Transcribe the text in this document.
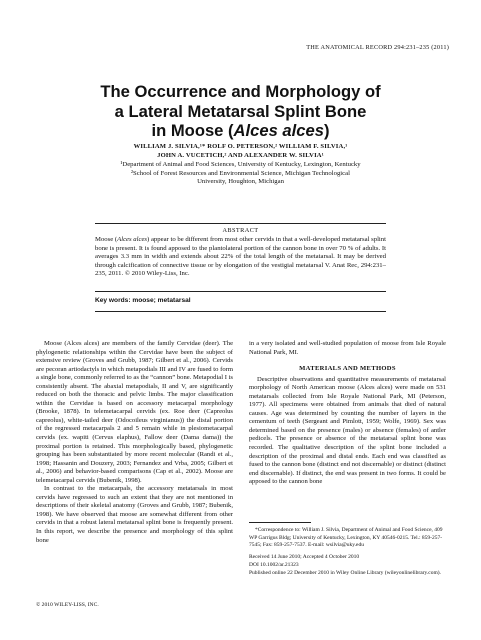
THE ANATOMICAL RECORD 294:231–235 (2011)
The Occurrence and Morphology of
a Lateral Metatarsal Splint Bone
in Moose (Alces alces)
WILLIAM J. SILVIA,¹* ROLF O. PETERSON,² WILLIAM F. SILVIA,¹
JOHN A. VUCETICH,² AND ALEXANDER W. SILVIA¹
¹Department of Animal and Food Sciences, University of Kentucky, Lexington, Kentucky
²School of Forest Resources and Environmental Science, Michigan Technological
University, Houghton, Michigan
ABSTRACT
Moose (Alces alces) appear to be different from most other cervids in that a well-developed metatarsal splint bone is present. It is found apposed to the plantolateral portion of the cannon bone in over 70 % of adults. It averages 3.3 mm in width and extends about 22% of the total length of the metatarsal. It may be derived through calcification of connective tissue or by elongation of the vestigial metatarsal V. Anat Rec, 294:231–235, 2011. © 2010 Wiley-Liss, Inc.
Key words: moose; metatarsal

Moose (Alces alces) are members of the family Cervidae (deer). The phylogenetic relationships within the Cervidae have been the subject of extensive review (Groves and Grubb, 1987; Gilbert et al., 2006). Cervids are pecoran artiodactyls in which metapodials III and IV are fused to form a single bone, commonly referred to as the “cannon” bone. Metapodial I is consistently absent. The abaxial metapodials, II and V, are significantly reduced on both the thoracic and pelvic limbs. The major classification within the Cervidae is based on accessory metacarpal morphology (Brooke, 1878). In telemetacarpal cervids (ex. Roe deer (Capreolus capreolus), white-tailed deer (Odocoileus virginianus)) the distal portion of the regressed metacarpals 2 and 5 remain while in plesiometacarpal cervids (ex. wapiti (Cervus elaphus), Fallow deer (Dama dama)) the proximal portion is retained. This morphologically based, phylogenetic grouping has been substantiated by more recent molecular (Randi et al., 1998; Hassanin and Douzery, 2003; Fernandez and Vrba, 2005; Gilbert et al., 2006) and behavior-based comparisons (Cap et al., 2002). Moose are telemetacarpal cervids (Bubenik, 1998).

In contrast to the metacarpals, the accessory metatarsals in most cervids have regressed to such an extent that they are not mentioned in descriptions of their skeletal anatomy (Groves and Grubb, 1987; Bubenik, 1998). We have observed that moose are somewhat different from other cervids in that a robust lateral metatarsal splint bone is frequently present. In this report, we describe the presence and morphology of this splint bone

in a very isolated and well-studied population of moose from Isle Royale National Park, MI.

MATERIALS AND METHODS

Descriptive observations and quantitative measurements of metatarsal morphology of North American moose (Alces alces) were made on 531 metatarsals collected from Isle Royale National Park, MI (Peterson, 1977). All specimens were obtained from animals that died of natural causes. Age was determined by counting the number of layers in the cementum of teeth (Sergeant and Pimlott, 1959; Wolfe, 1969). Sex was determined based on the presence (males) or absence (females) of antler pedicels. The presence or absence of the metatarsal splint bone was recorded. The qualitative description of the splint bone included a description of the proximal and distal ends. Each end was classified as fused to the cannon bone (distinct end not discernable) or distinct (distinct end discernable). If distinct, the end was present in two forms. It could be apposed to the cannon bone

*Correspondence to: William J. Silvia, Department of Animal and Food Science, 409 WP Garrigus Bldg; University of Kentucky, Lexington, KY 40546-0215. Tel.: 859-257-7545; Fax: 859-257-7537. E-mail: wsilvia@uky.edu
Received 14 June 2010; Accepted 4 October 2010
DOI 10.1002/ar.21323
Published online 22 December 2010 in Wiley Online Library (wileyonlinelibrary.com).
© 2010 WILEY-LISS, INC.
